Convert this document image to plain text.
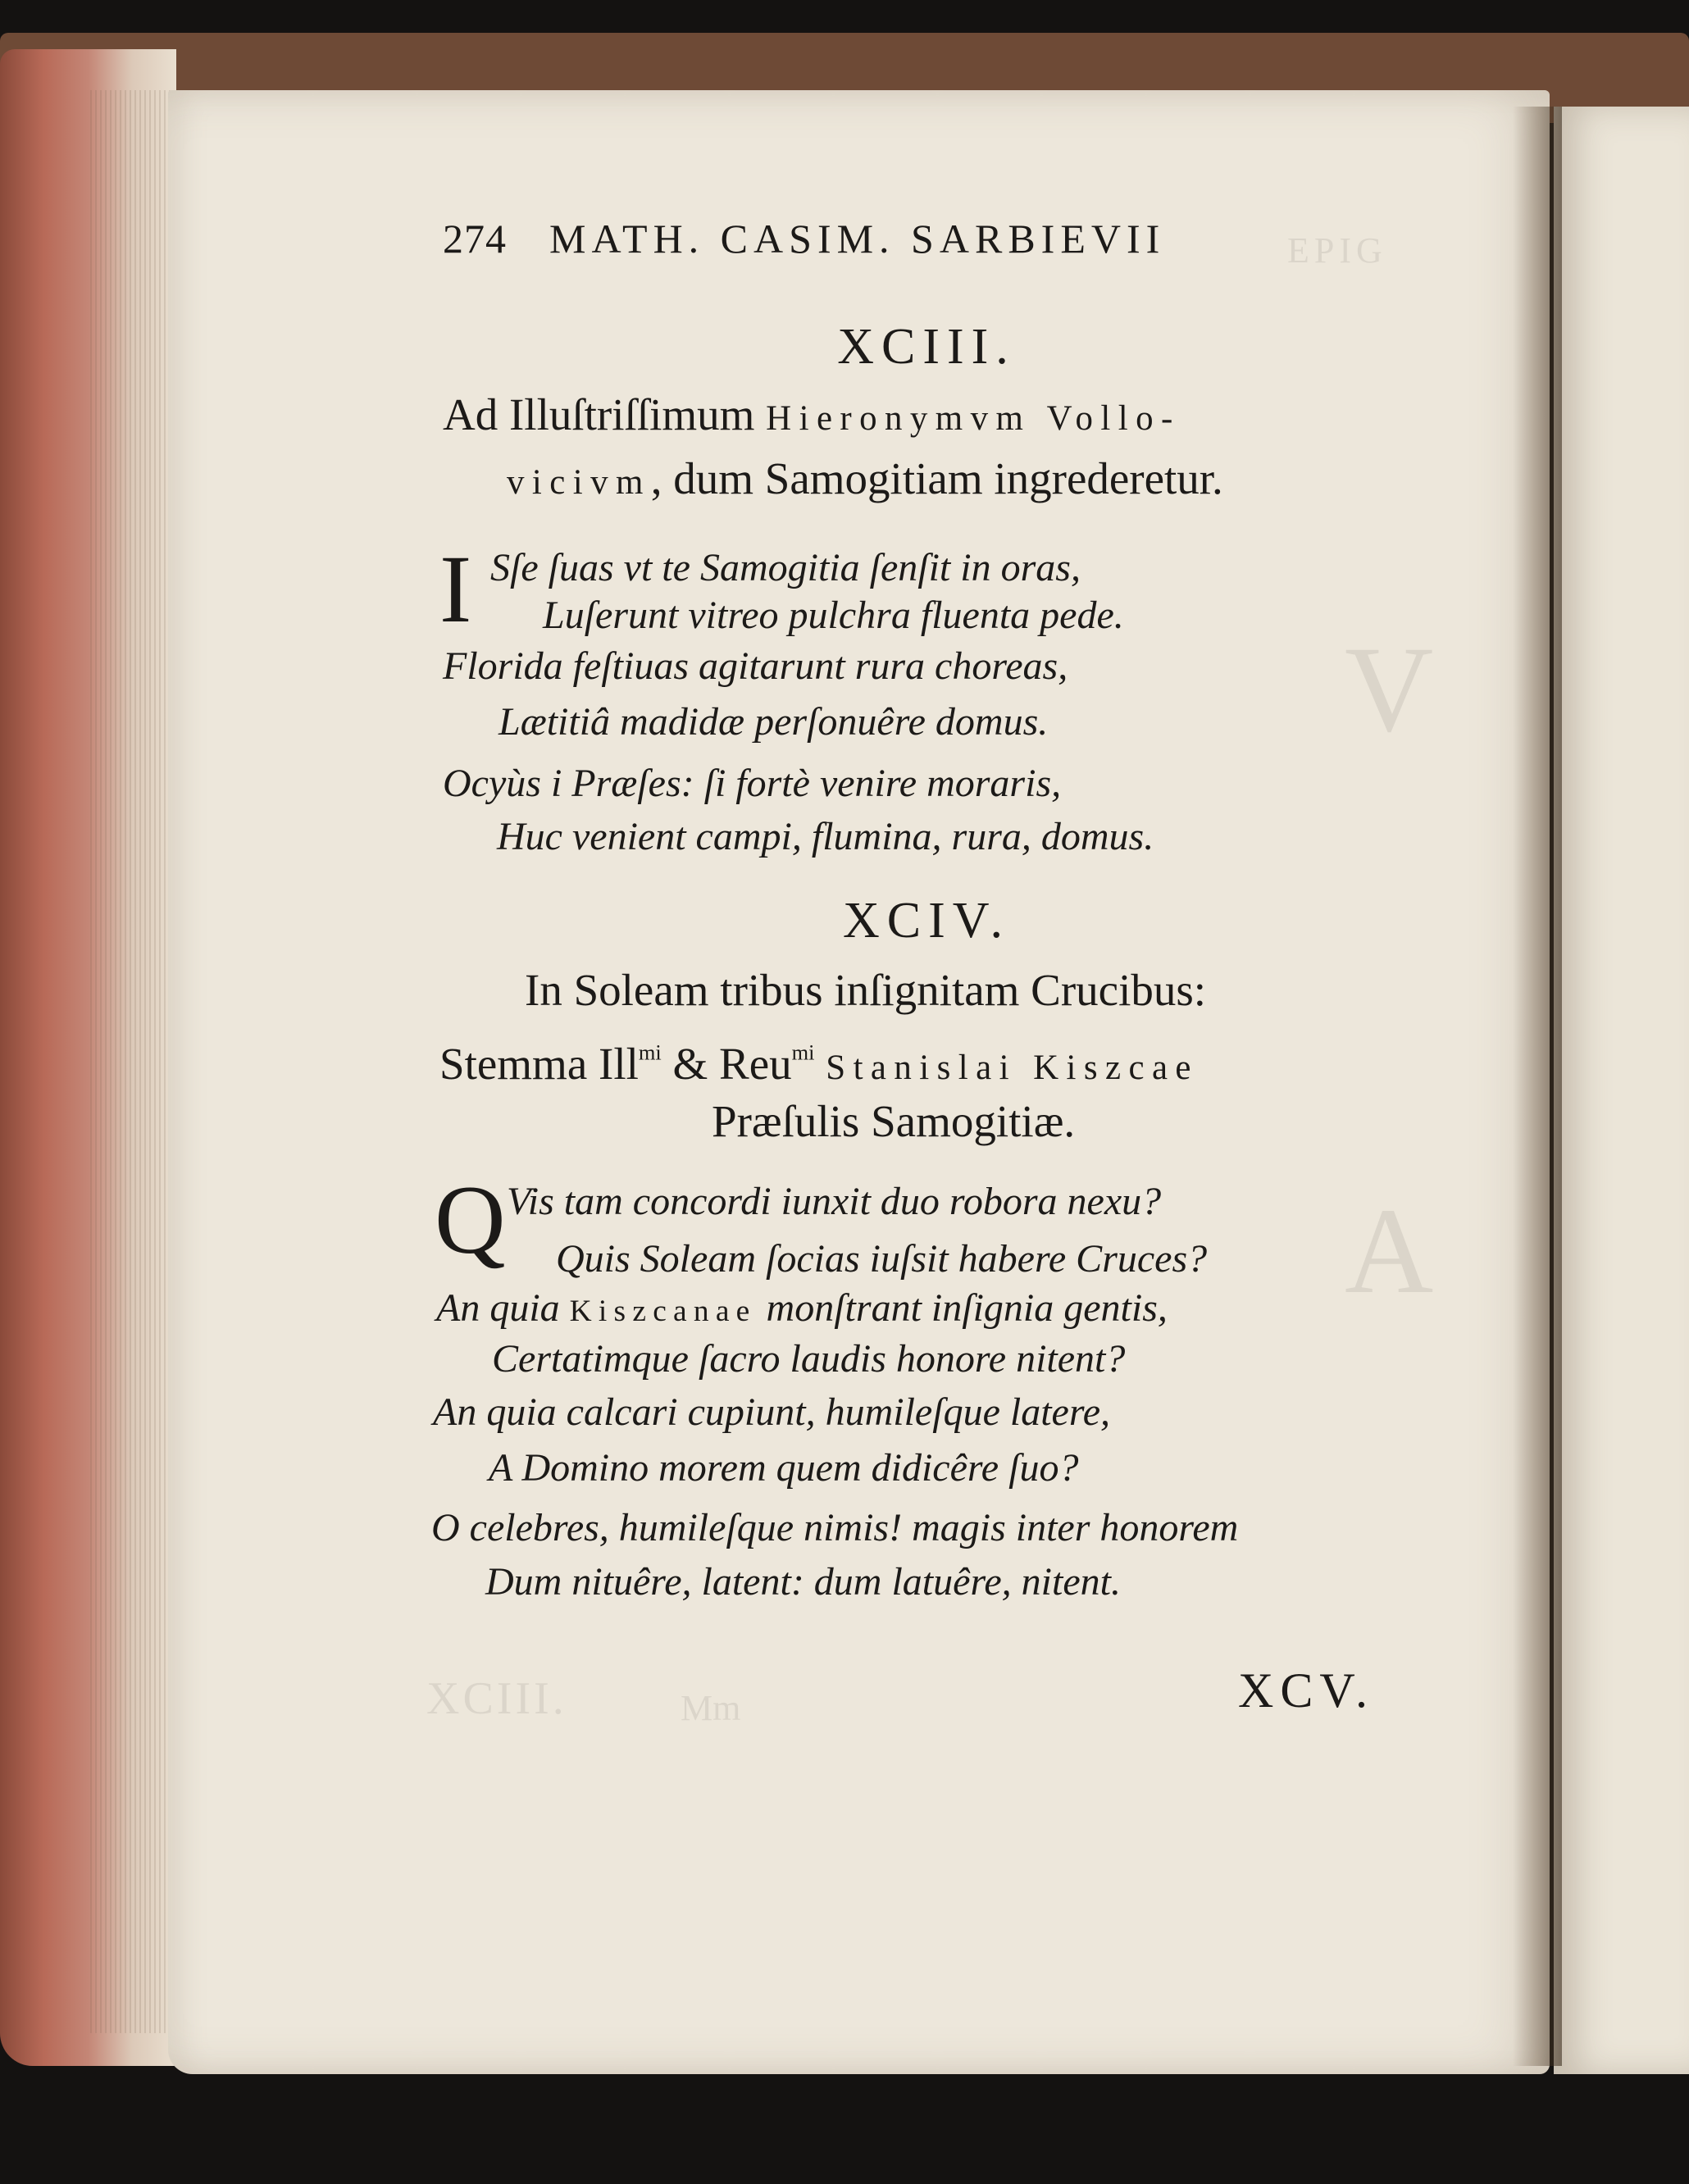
EPIG
XCIII.
V
A
Mm
274 MATH. CASIM. SARBIEVII
XCIII.
Ad Illuſtriſſimum Hieronymvm Vollo-
vicivm, dum Samogitiam ingrederetur.
I Sſe ſuas vt te Samogitia ſenſit in oras,
Luſerunt vitreo pulchra fluenta pede.
Florida feſtiuas agitarunt rura choreas,
Lætitiâ madidæ perſonuêre domus.
Ocyùs i Præſes: ſi fortè venire moraris,
Huc venient campi, flumina, rura, domus.
XCIV.
In Soleam tribus inſignitam Crucibus:
Stemma Ill$^{mi}$ & Reu$^{mi}$ Stanislai Kiszcae
Præſulis Samogitiæ.
Q Vis tam concordi iunxit duo robora nexu?
Quis Soleam ſocias iuſsit habere Cruces?
An quia Kiszcanae monſtrant inſignia gentis,
Certatimque ſacro laudis honore nitent?
An quia calcari cupiunt, humileſque latere,
A Domino morem quem didicêre ſuo?
O celebres, humileſque nimis! magis inter honorem
Dum nituêre, latent: dum latuêre, nitent.
XCV.
